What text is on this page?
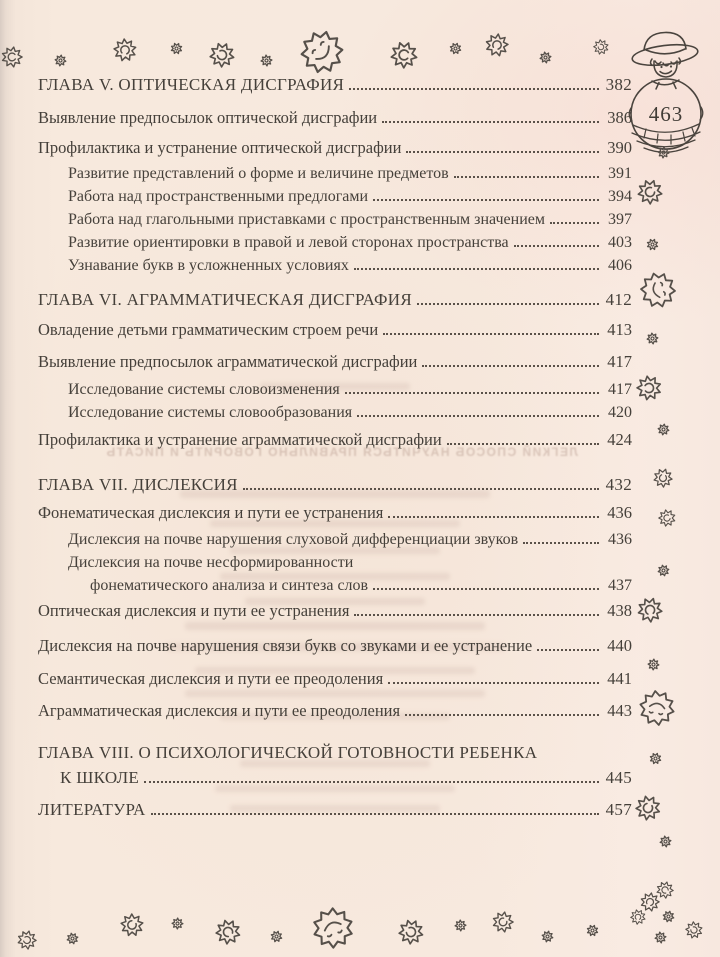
ЛЕГКИЙ СПОСОБ НАУЧИТЬСЯ ПРАВИЛЬНО ГОВОРИТЬ И ПИСАТЬ
ГЛАВА V. ОПТИЧЕСКАЯ ДИСГРАФИЯ	382
Выявление предпосылок оптической дисграфии	386
Профилактика и устранение оптической дисграфии	390
Развитие представлений о форме и величине предметов	391
Работа над пространственными предлогами	394
Работа над глагольными приставками с пространственным значением	397
Развитие ориентировки в правой и левой сторонах пространства	403
Узнавание букв в усложненных условиях	406
ГЛАВА VI. АГРАММАТИЧЕСКАЯ ДИСГРАФИЯ	412
Овладение детьми грамматическим строем речи	413
Выявление предпосылок аграмматической дисграфии	417
Исследование системы словоизменения	417
Исследование системы словообразования	420
Профилактика и устранение аграмматической дисграфии	424
ГЛАВА VII. ДИСЛЕКСИЯ	432
Фонематическая дислексия и пути ее устранения	436
Дислексия на почве нарушения слуховой дифференциации звуков	436
Дислексия на почве несформированности
фонематического анализа и синтеза слов	437
Оптическая дислексия и пути ее устранения	438
Дислексия на почве нарушения связи букв со звуками и ее устранение	440
Семантическая дислексия и пути ее преодоления	441
Аграмматическая дислексия и пути ее преодоления	443
ГЛАВА VIII. О ПСИХОЛОГИЧЕСКОЙ ГОТОВНОСТИ РЕБЕНКА
К ШКОЛЕ	445
ЛИТЕРАТУРА	457
463
